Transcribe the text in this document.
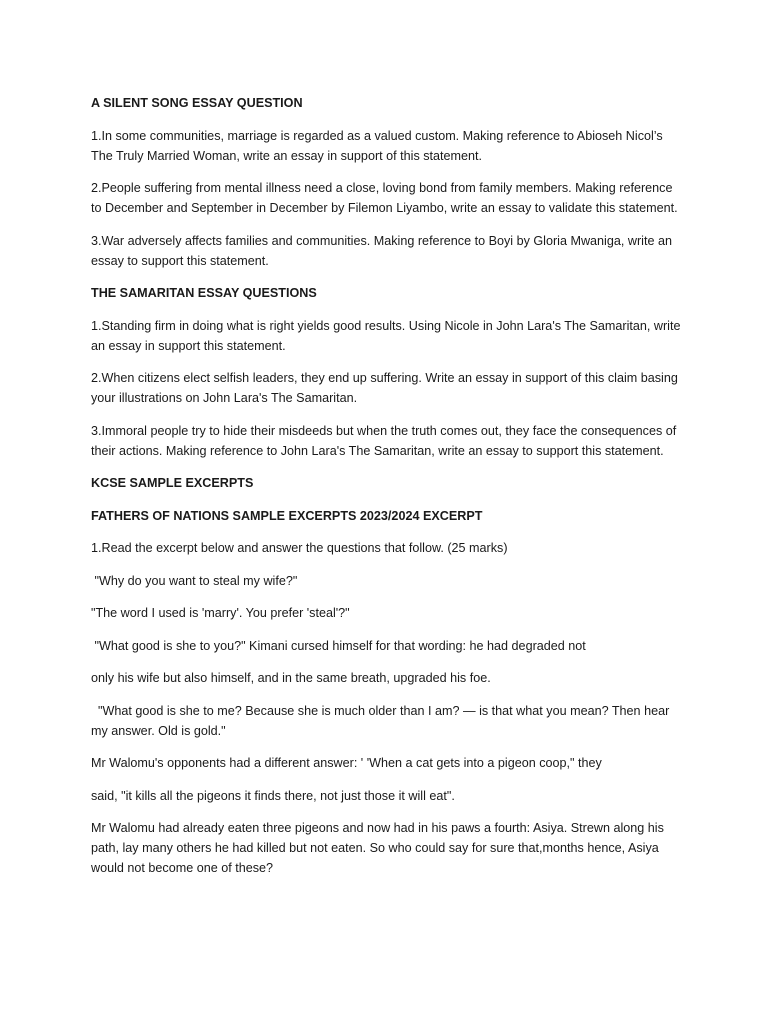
A SILENT SONG ESSAY QUESTION
1.In some communities, marriage is regarded as a valued custom. Making reference to Abioseh Nicol’s The Truly Married Woman, write an essay in support of this statement.
2.People suffering from mental illness need a close, loving bond from family members. Making reference to December and September in December by Filemon Liyambo, write an essay to validate this statement.
3.War adversely affects families and communities. Making reference to Boyi by Gloria Mwaniga, write an essay to support this statement.
THE SAMARITAN ESSAY QUESTIONS
1.Standing firm in doing what is right yields good results. Using Nicole in John Lara's The Samaritan, write an essay in support this statement.
2.When citizens elect selfish leaders, they end up suffering. Write an essay in support of this claim basing your illustrations on John Lara's The Samaritan.
3.Immoral people try to hide their misdeeds but when the truth comes out, they face the consequences of their actions. Making reference to John Lara's The Samaritan, write an essay to support this statement.
KCSE SAMPLE EXCERPTS
FATHERS OF NATIONS SAMPLE EXCERPTS 2023/2024 EXCERPT
1.Read the excerpt below and answer the questions that follow. (25 marks)
"Why do you want to steal my wife?"
"The word I used is 'marry'. You prefer 'steal'?"
"What good is she to you?" Kimani cursed himself for that wording: he had degraded not
only his wife but also himself, and in the same breath, upgraded his foe.
"What good is she to me? Because she is much older than I am? — is that what you mean? Then hear my answer. Old is gold."
Mr Walomu's opponents had a different answer: ' 'When a cat gets into a pigeon coop," they
said, "it kills all the pigeons it finds there, not just those it will eat".
Mr Walomu had already eaten three pigeons and now had in his paws a fourth: Asiya. Strewn along his path, lay many others he had killed but not eaten. So who could say for sure that,months hence, Asiya would not become one of these?
